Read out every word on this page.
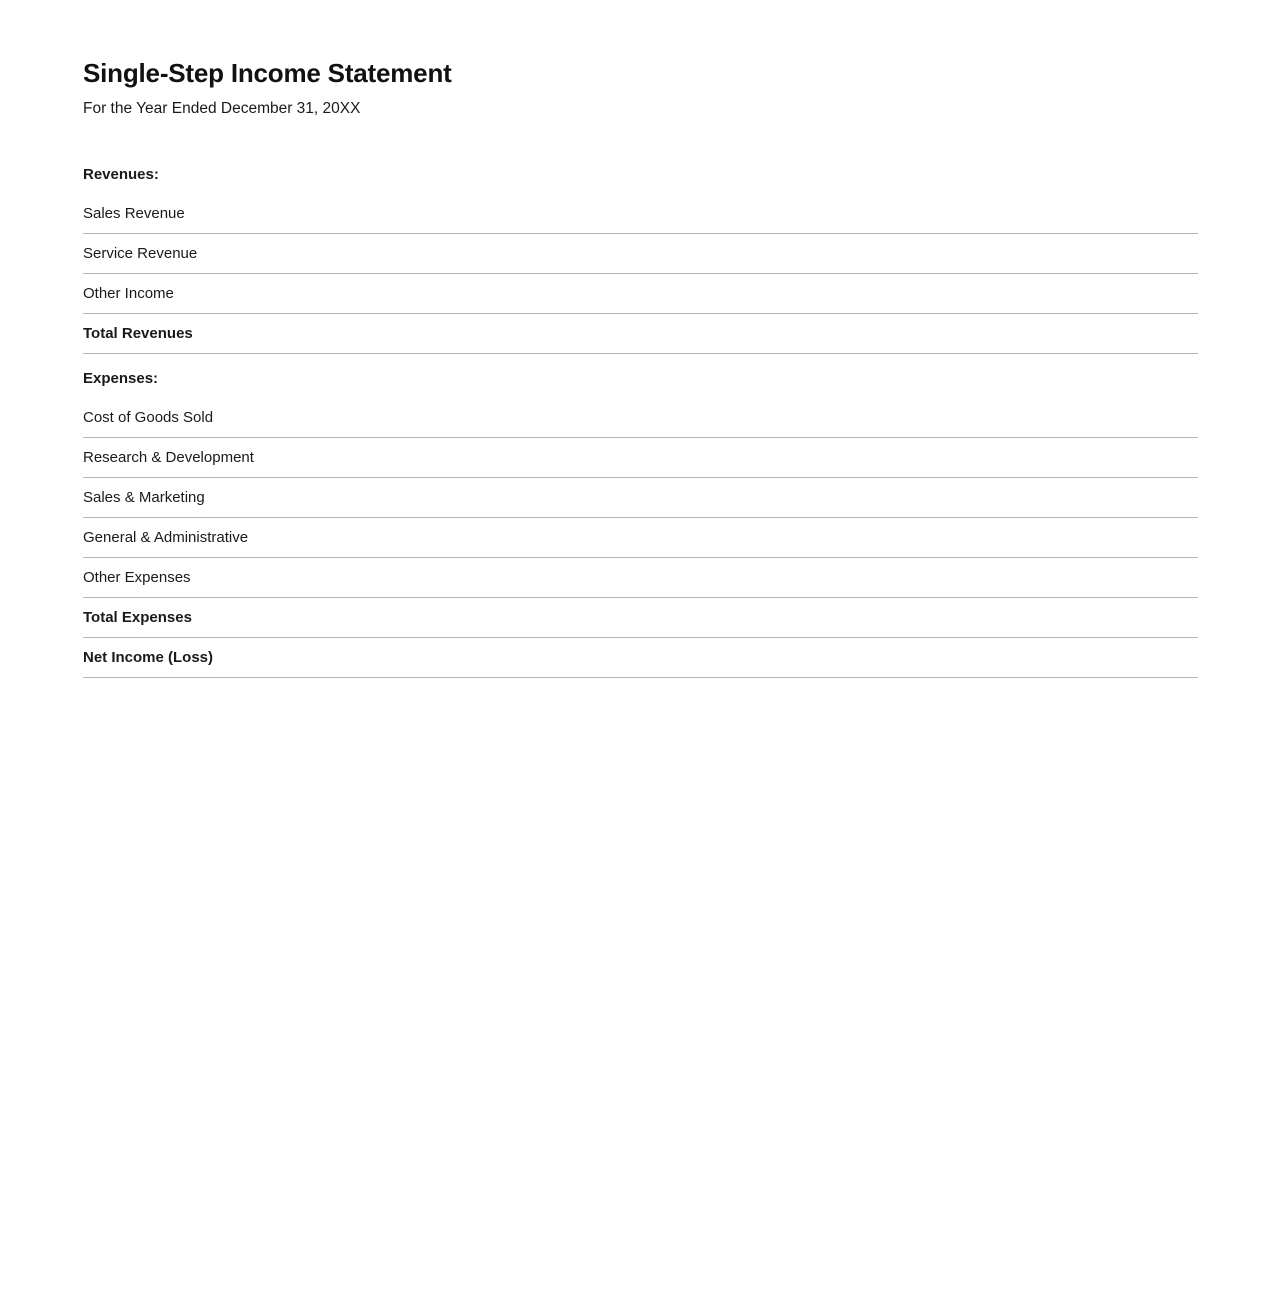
Single-Step Income Statement

For the Year Ended December 31, 20XX

Revenues:	
Sales Revenue	
Service Revenue	
Other Income	
Total Revenues	
Expenses:	
Cost of Goods Sold	
Research & Development	
Sales & Marketing	
General & Administrative	
Other Expenses	
Total Expenses	
Net Income (Loss)	
